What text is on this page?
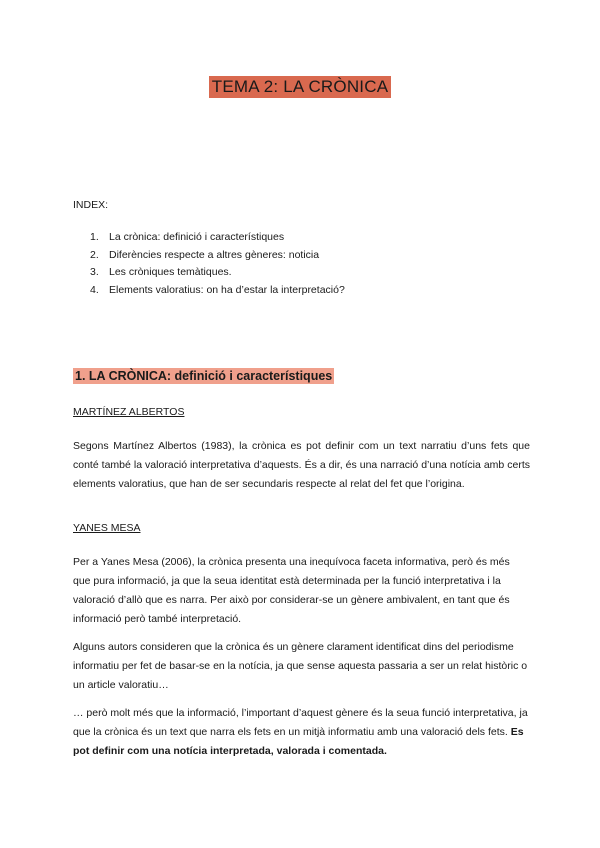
TEMA 2: LA CRÒNICA
INDEX:
1. La crònica: definició i característiques
2. Diferències respecte a altres gèneres: noticia
3. Les cròniques temàtiques.
4. Elements valoratius: on ha d’estar la interpretació?
1. LA CRÒNICA: definició i característiques
MARTÍNEZ ALBERTOS
Segons Martínez Albertos (1983), la crònica es pot definir com un text narratiu d’uns fets que conté també la valoració interpretativa d’aquests. És a dir, és una narració d’una notícia amb certs elements valoratius, que han de ser secundaris respecte al relat del fet que l’origina.
YANES MESA
Per a Yanes Mesa (2006), la crònica presenta una inequívoca faceta informativa, però és més que pura informació, ja que la seua identitat està determinada per la funció interpretativa i la valoració d’allò que es narra. Per això por considerar-se un gènere ambivalent, en tant que és informació però també interpretació.
Alguns autors consideren que la crònica és un gènere clarament identificat dins del periodisme informatiu per fet de basar-se en la notícia, ja que sense aquesta passaria a ser un relat històric o un article valoratiu…
… però molt més que la informació, l’important d’aquest gènere és la seua funció interpretativa, ja que la crònica és un text que narra els fets en un mitjà informatiu amb una valoració dels fets. Es pot definir com una notícia interpretada, valorada i comentada.
